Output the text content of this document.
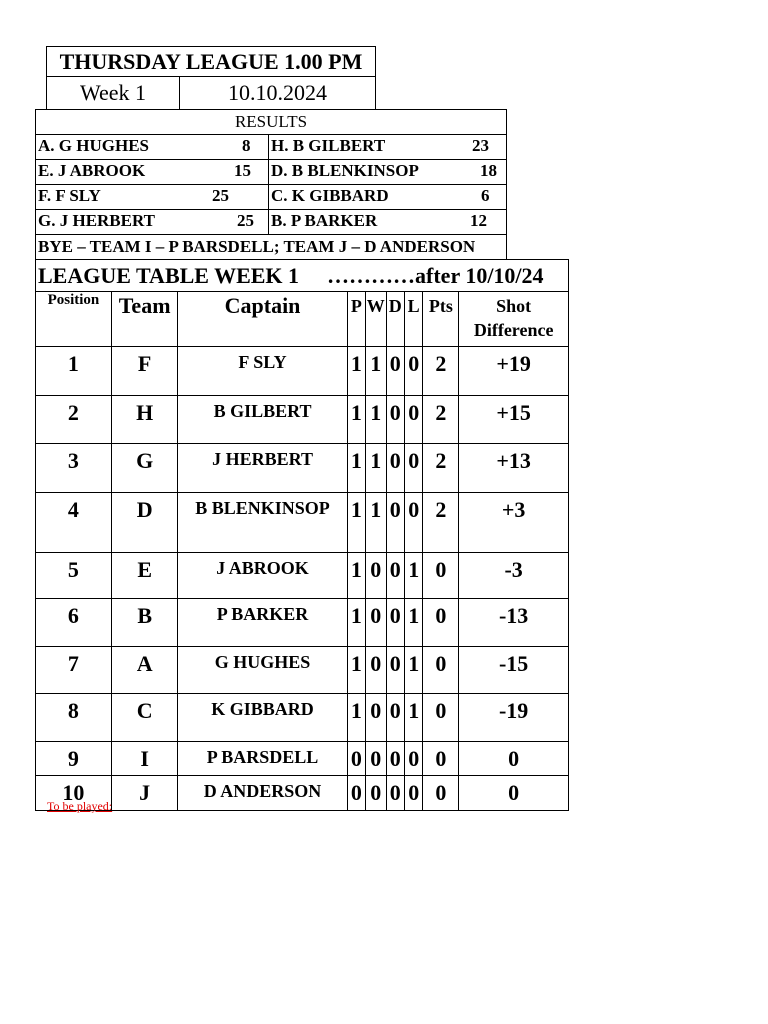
THURSDAY LEAGUE 1.00 PM
Week 1	10.10.2024
RESULTS	

A. G HUGHES 8	H. B GILBERT 23

E. J ABROOK 15	D. B BLENKINSOP 18

F. F SLY 25	C. K GIBBARD 6

G. J HERBERT 25	B. P BARKER 12

BYE – TEAM I – P BARSDELL; TEAM J – D ANDERSON	
LEAGUE TABLE WEEK 1 …………after 10/10/24								
Position	Team	Captain	P	W	D	L	Pts	Shot
Difference
1	F	F SLY	1	1	0	0	2	+19
2	H	B GILBERT	1	1	0	0	2	+15
3	G	J HERBERT	1	1	0	0	2	+13
4	D	B BLENKINSOP	1	1	0	0	2	+3
5	E	J ABROOK	1	0	0	1	0	-3
6	B	P BARKER	1	0	0	1	0	-13
7	A	G HUGHES	1	0	0	1	0	-15
8	C	K GIBBARD	1	0	0	1	0	-19
9	I	P BARSDELL	0	0	0	0	0	0
10	J	D ANDERSON	0	0	0	0	0	0
To be played:
